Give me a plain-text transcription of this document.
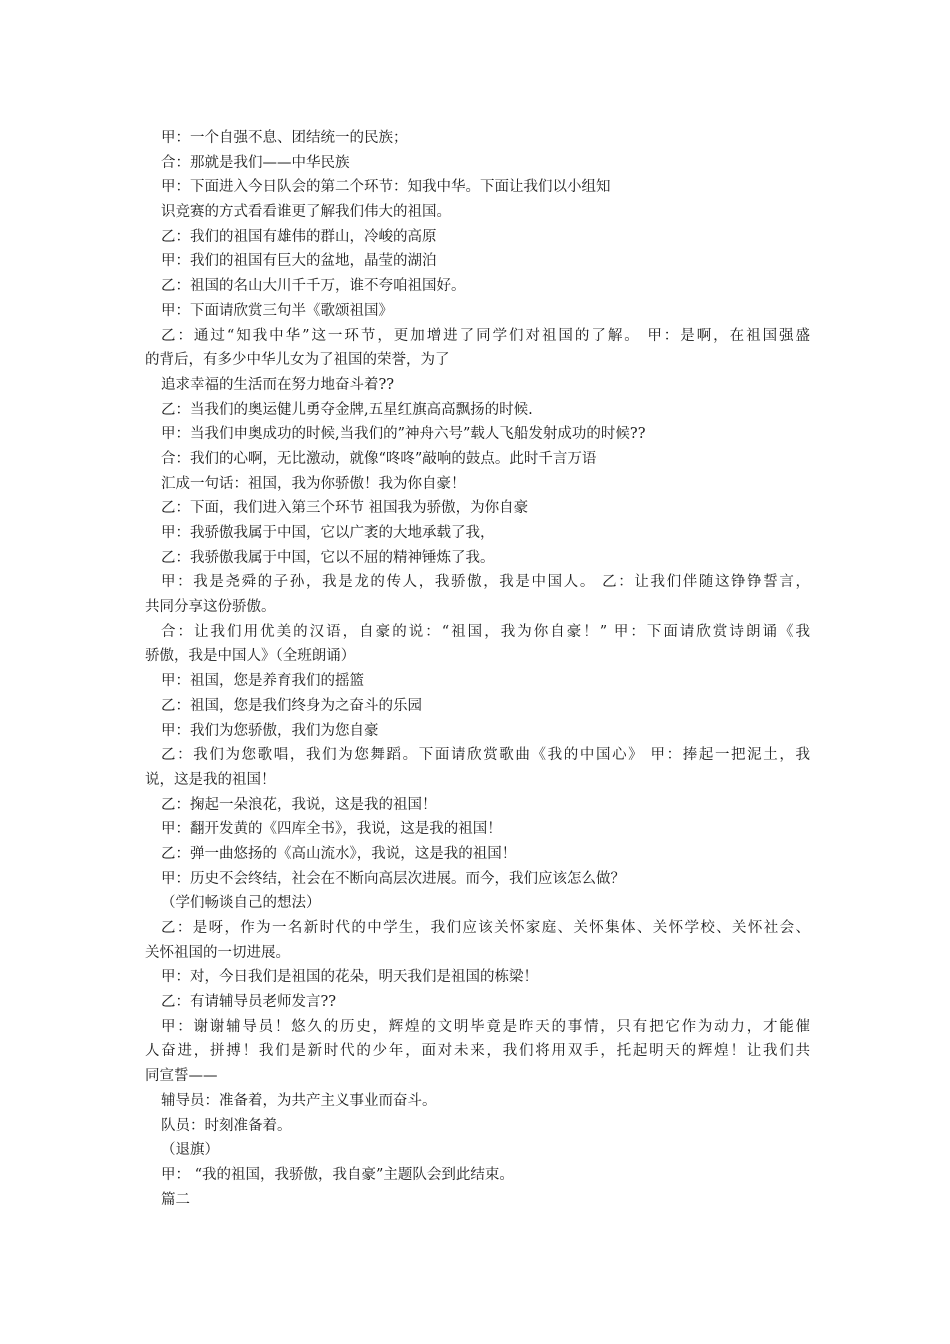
甲：一个自强不息、团结统一的民族；
合：那就是我们——中华民族
甲：下面进入今日队会的第二个环节：知我中华。下面让我们以小组知
识竞赛的方式看看谁更了解我们伟大的祖国。
乙：我们的祖国有雄伟的群山，冷峻的高原
甲：我们的祖国有巨大的盆地，晶莹的湖泊
乙：祖国的名山大川千千万，谁不夸咱祖国好。
甲：下面请欣赏三句半《歌颂祖国》
乙：通过“知我中华”这一环节，更加增进了同学们对祖国的了解。 甲：是啊，在祖国强盛
的背后，有多少中华儿女为了祖国的荣誉，为了
追求幸福的生活而在努力地奋斗着??
乙：当我们的奥运健儿勇夺金牌,五星红旗高高飘扬的时候.
甲：当我们申奥成功的时候,当我们的”神舟六号”载人飞船发射成功的时候??
合：我们的心啊，无比激动，就像“咚咚”敲响的鼓点。此时千言万语
汇成一句话：祖国，我为你骄傲！我为你自豪！
乙：下面，我们进入第三个环节 祖国我为骄傲，为你自豪
甲：我骄傲我属于中国，它以广袤的大地承载了我，
乙：我骄傲我属于中国，它以不屈的精神锤炼了我。
甲：我是尧舜的子孙，我是龙的传人，我骄傲，我是中国人。 乙：让我们伴随这铮铮誓言，
共同分享这份骄傲。
合：让我们用优美的汉语，自豪的说：“祖国，我为你自豪！” 甲：下面请欣赏诗朗诵《我
骄傲，我是中国人》（全班朗诵）
甲：祖国，您是养育我们的摇篮
乙：祖国，您是我们终身为之奋斗的乐园
甲：我们为您骄傲，我们为您自豪
乙：我们为您歌唱，我们为您舞蹈。下面请欣赏歌曲《我的中国心》 甲：捧起一把泥土，我
说，这是我的祖国！
乙：掬起一朵浪花，我说，这是我的祖国！
甲：翻开发黄的《四库全书》，我说，这是我的祖国！
乙：弹一曲悠扬的《高山流水》，我说，这是我的祖国！
甲：历史不会终结，社会在不断向高层次进展。而今，我们应该怎么做？
（学们畅谈自己的想法）
乙：是呀，作为一名新时代的中学生，我们应该关怀家庭、关怀集体、关怀学校、关怀社会、
关怀祖国的一切进展。
甲：对，今日我们是祖国的花朵，明天我们是祖国的栋梁！
乙：有请辅导员老师发言??
甲：谢谢辅导员！悠久的历史，辉煌的文明毕竟是昨天的事情，只有把它作为动力，才能催
人奋进，拼搏！我们是新时代的少年，面对未来，我们将用双手，托起明天的辉煌！让我们共
同宣誓——
辅导员：准备着，为共产主义事业而奋斗。
队员：时刻准备着。
（退旗）
甲： “我的祖国，我骄傲，我自豪”主题队会到此结束。
篇二
